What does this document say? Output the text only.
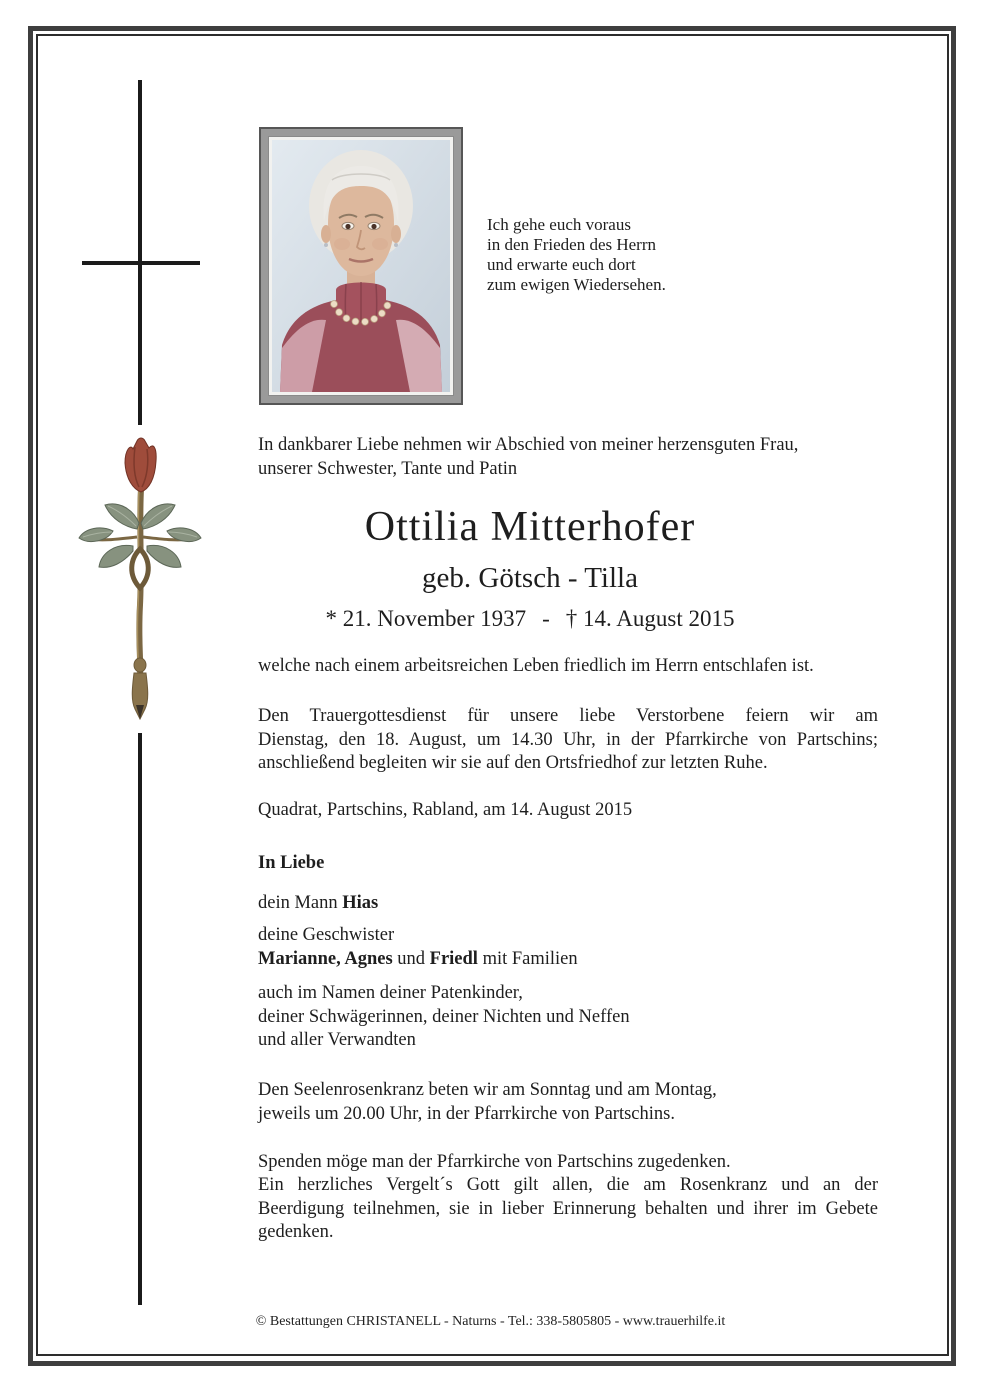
Ich gehe euch voraus
in den Frieden des Herrn
und erwarte euch dort
zum ewigen Wiedersehen.
In dankbarer Liebe nehmen wir Abschied von meiner herzensguten Frau,
unserer Schwester, Tante und Patin
Ottilia Mitterhofer
geb. Götsch - Tilla
* 21. November 1937 - † 14. August 2015
welche nach einem arbeitsreichen Leben friedlich im Herrn entschlafen ist.
Den Trauergottesdienst für unsere liebe Verstorbene feiern wir am
Dienstag, den 18. August, um 14.30 Uhr, in der Pfarrkirche von Partschins;
anschließend begleiten wir sie auf den Ortsfriedhof zur letzten Ruhe.
Quadrat, Partschins, Rabland, am 14. August 2015
In Liebe
dein Mann Hias
deine Geschwister
Marianne, Agnes und Friedl mit Familien
auch im Namen deiner Patenkinder,
deiner Schwägerinnen, deiner Nichten und Neffen
und aller Verwandten
Den Seelenrosenkranz beten wir am Sonntag und am Montag,
jeweils um 20.00 Uhr, in der Pfarrkirche von Partschins.
Spenden möge man der Pfarrkirche von Partschins zugedenken.
Ein herzliches Vergelt´s Gott gilt allen, die am Rosenkranz und an der
Beerdigung teilnehmen, sie in lieber Erinnerung behalten und ihrer im Gebete
gedenken.
© Bestattungen CHRISTANELL - Naturns - Tel.: 338-5805805 - www.trauerhilfe.it
